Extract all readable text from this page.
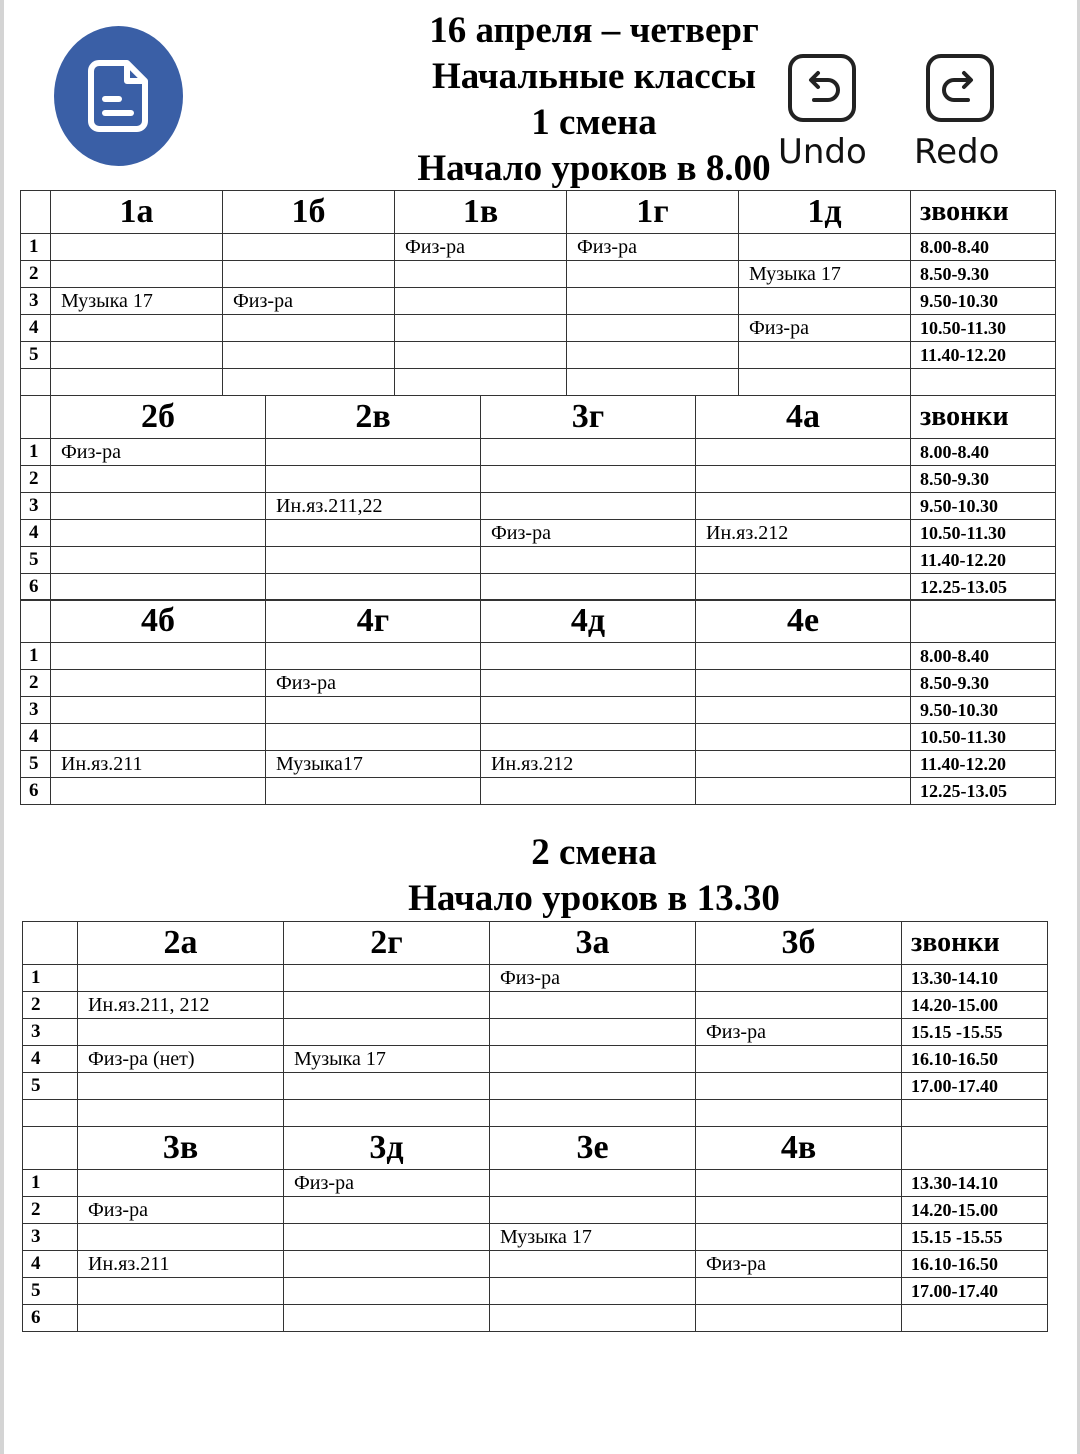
16 апреля – четверг
Начальные классы
1 смена
Начало уроков в 8.00
	1а	1б	1в	1г	1д	звонки
1			Физ-ра	Физ-ра		8.00-8.40
2					Музыка 17	8.50-9.30
3	Музыка 17	Физ-ра				9.50-10.30
4					Физ-ра	10.50-11.30
5						11.40-12.20

	2б	2в	3г	4а	звонки
1	Физ-ра				8.00-8.40
2					8.50-9.30
3		Ин.яз.211,22			9.50-10.30
4			Физ-ра	Ин.яз.212	10.50-11.30
5					11.40-12.20
6					12.25-13.05
	4б	4г	4д	4е	
1					8.00-8.40
2		Физ-ра			8.50-9.30
3					9.50-10.30
4					10.50-11.30
5	Ин.яз.211	Музыка17	Ин.яз.212		11.40-12.20
6					12.25-13.05
2 смена
Начало уроков в 13.30
	2а	2г	3а	3б	звонки
1			Физ-ра		13.30-14.10
2	Ин.яз.211, 212				14.20-15.00
3				Физ-ра	15.15 -15.55
4	Физ-ра (нет)	Музыка 17			16.10-16.50
5					17.00-17.40

	3в	3д	3е	4в	
1		Физ-ра			13.30-14.10
2	Физ-ра				14.20-15.00
3			Музыка 17		15.15 -15.55
4	Ин.яз.211			Физ-ра	16.10-16.50
5					17.00-17.40
6					
Undo Redo
